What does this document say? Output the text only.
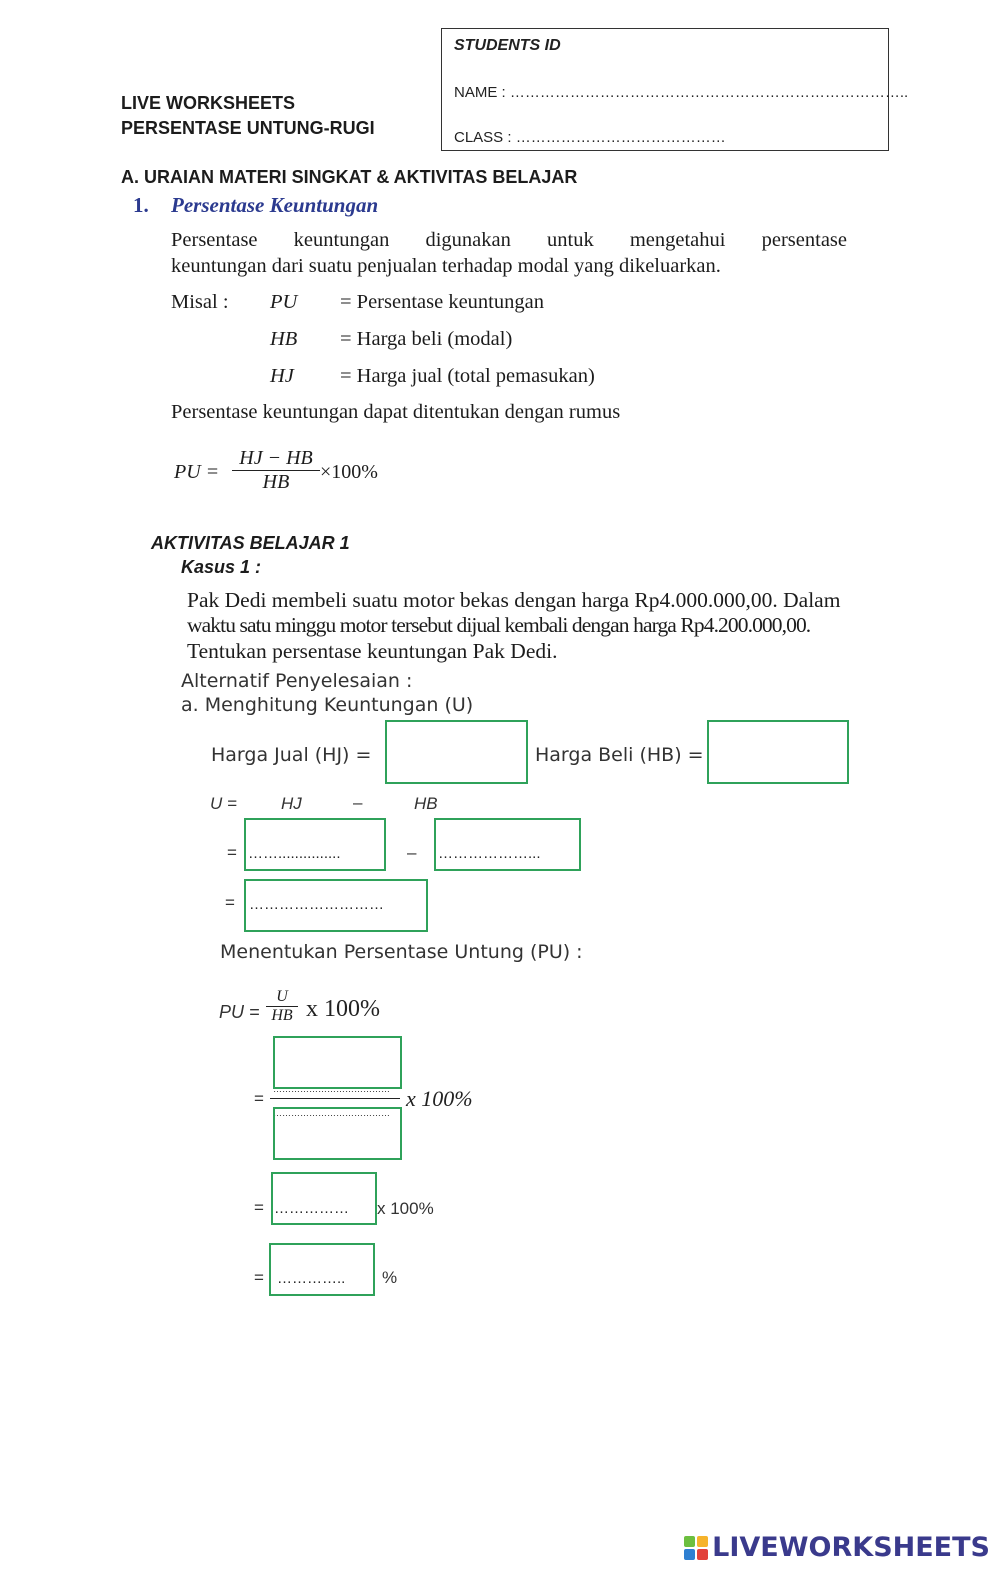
STUDENTS ID
NAME : ……………………………………………………………………..
CLASS : ……………………………………
LIVE WORKSHEETS
PERSENTASE UNTUNG-RUGI
A. URAIAN MATERI SINGKAT & AKTIVITAS BELAJAR
1. Persentase Keuntungan
Persentase keuntungan digunakan untuk mengetahui persentase
keuntungan dari suatu penjualan terhadap modal yang dikeluarkan.
Misal : PU = Persentase keuntungan
HB = Harga beli (modal)
HJ = Harga jual (total pemasukan)
Persentase keuntungan dapat ditentukan dengan rumus
PU =
HJ − HB
HB ×100%
AKTIVITAS BELAJAR 1
Kasus 1 :
Pak Dedi membeli suatu motor bekas dengan harga Rp4.000.000,00. Dalam
waktu satu minggu motor tersebut dijual kembali dengan harga Rp4.200.000,00.
Tentukan persentase keuntungan Pak Dedi.
Alternatif Penyelesaian :
a. Menghitung Keuntungan (U)
Harga Jual (HJ) =	Harga Beli (HB) =
U =	HJ	–	HB
= ……...............	– ………………...
= ………………………
Menentukan Persentase Untung (PU) :
PU =
U
HB x 100%
= …………………………………
…………………………………
x 100%
= ……………	x 100%
= …………..	%
LIVEWORKSHEETS
